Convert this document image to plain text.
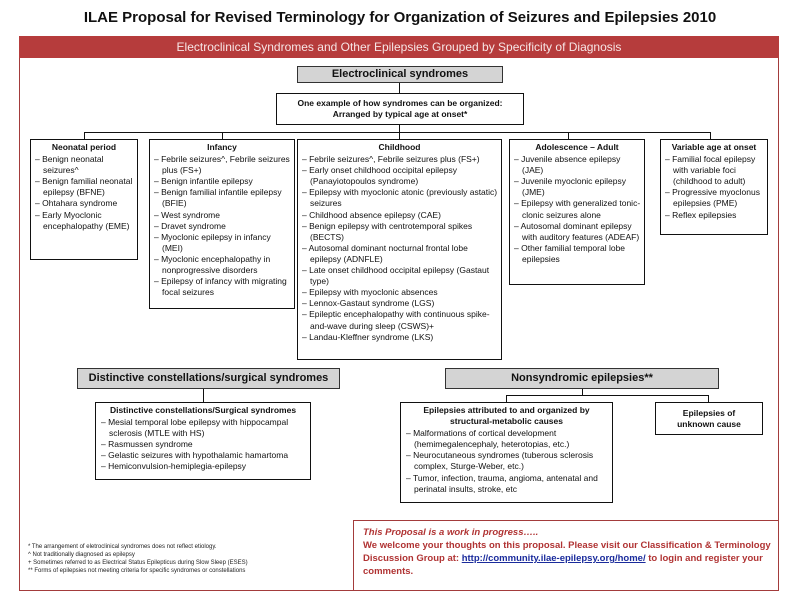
ILAE Proposal for Revised Terminology for Organization of Seizures and Epilepsies 2010
Electroclinical Syndromes and Other Epilepsies Grouped by Specificity of Diagnosis
Electroclinical syndromes
One example of how syndromes can be organized:
Arranged by typical age at onset*
Neonatal period
– Benign neonatal seizures^
– Benign familial neonatal epilepsy (BFNE)
– Ohtahara syndrome
– Early Myoclonic encephalopathy (EME)
Infancy
– Febrile seizures^, Febrile seizures plus (FS+)
– Benign infantile epilepsy
– Benign familial infantile epilepsy (BFIE)
– West syndrome
– Dravet syndrome
– Myoclonic epilepsy in infancy (MEI)
– Myoclonic encephalopathy in nonprogressive disorders
– Epilepsy of infancy with migrating focal seizures
Childhood
– Febrile seizures^, Febrile seizures plus (FS+)
– Early onset childhood occipital epilepsy (Panayiotopoulos syndrome)
– Epilepsy with myoclonic atonic (previously astatic) seizures
– Childhood absence epilepsy (CAE)
– Benign epilepsy with centrotemporal spikes (BECTS)
– Autosomal dominant nocturnal frontal lobe epilepsy (ADNFLE)
– Late onset childhood occipital epilepsy (Gastaut type)
– Epilepsy with myoclonic absences
– Lennox-Gastaut syndrome (LGS)
– Epileptic encephalopathy with continuous spike-and-wave during sleep (CSWS)+
– Landau-Kleffner syndrome (LKS)
Adolescence – Adult
– Juvenile absence epilepsy (JAE)
– Juvenile myoclonic epilepsy (JME)
– Epilepsy with generalized tonic-clonic seizures alone
– Autosomal dominant epilepsy with auditory features (ADEAF)
– Other familial temporal lobe epilepsies
Variable age at onset
– Familial focal epilepsy with variable foci (childhood to adult)
– Progressive myoclonus epilepsies (PME)
– Reflex epilepsies
Distinctive constellations/surgical syndromes	Nonsyndromic epilepsies**
Distinctive constellations/Surgical syndromes
– Mesial temporal lobe epilepsy with hippocampal sclerosis (MTLE with HS)
– Rasmussen syndrome
– Gelastic seizures with hypothalamic hamartoma
– Hemiconvulsion-hemiplegia-epilepsy
Epilepsies attributed to and organized by structural-metabolic causes
– Malformations of cortical development (hemimegalencephaly, heterotopias, etc.)
– Neurocutaneous syndromes (tuberous sclerosis complex, Sturge-Weber, etc.)
– Tumor, infection, trauma, angioma, antenatal and perinatal insults, stroke, etc
Epilepsies of unknown cause
* The arrangement of eletroclinical syndromes does not reflect etiology.
^ Not traditionally diagnosed as epilepsy
+ Sometimes referred to as Electrical Status Epilepticus during Slow Sleep (ESES)
** Forms of epilepsies not meeting criteria for specific syndromes or constellations
This Proposal is a work in progress…..
We welcome your thoughts on this proposal. Please visit our Classification & Terminology Discussion Group at: http://community.ilae-epilepsy.org/home/ to login and register your comments.
